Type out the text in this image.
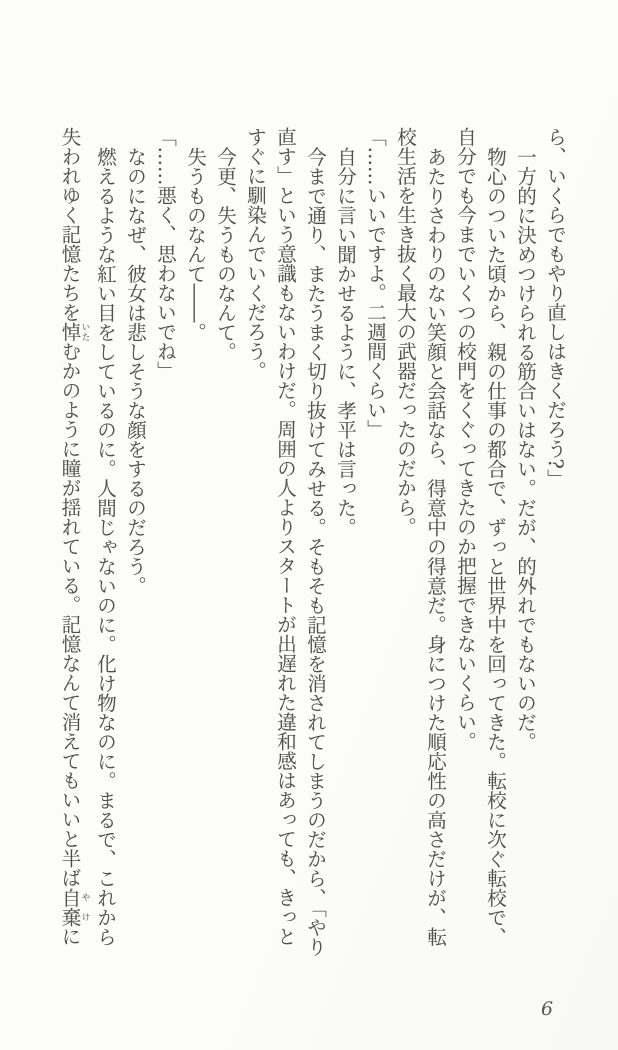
ら、いくらでもやり直しはきくだろう?」

一方的に決めつけられる筋合いはない。だが、的外れでもないのだ。

物心のついた頃から、親の仕事の都合で、ずっと世界中を回ってきた。転校に次ぐ転校で、

自分でも今までいくつの校門をくぐってきたのか把握できないくらい。

あたりさわりのない笑顔と会話なら、得意中の得意だ。身につけた順応性の高さだけが、転

校生活を生き抜く最大の武器だったのだから。

「……いいですよ。二週間くらい」

自分に言い聞かせるように、孝平は言った。

今まで通り、またうまく切り抜けてみせる。そもそも記憶を消されてしまうのだから、「やり

直す」という意識もないわけだ。周囲の人よりスタートが出遅れた違和感はあっても、きっと

すぐに馴染んでいくだろう。

今更、失うものなんて。

失うものなんて――。

「……悪く、思わないでね」

なのになぜ、彼女は悲しそうな顔をするのだろう。

燃えるような紅い目をしているのに。人間じゃないのに。化け物なのに。まるで、これから

失われゆく記憶たちを悼いたむかのように瞳が揺れている。記憶なんて消えてもいいと半ば自棄やけに

6
